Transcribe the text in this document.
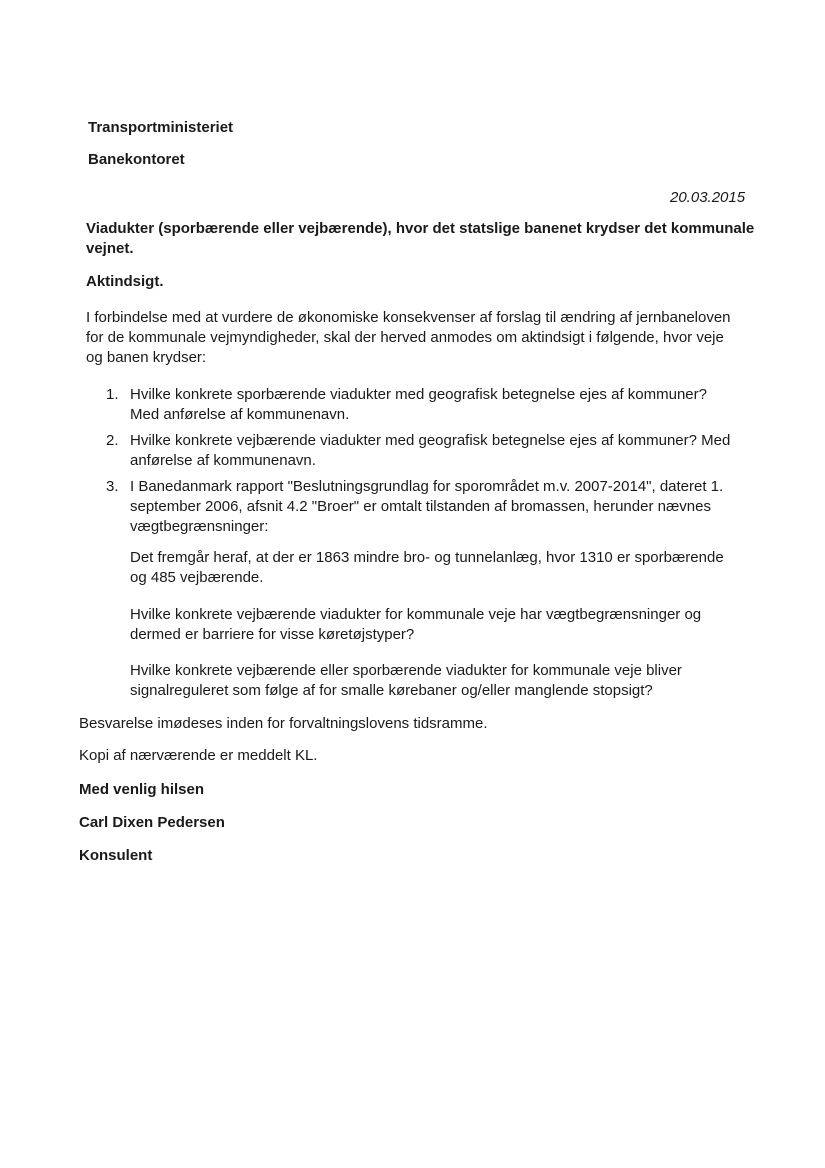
Transportministeriet
Banekontoret
20.03.2015
Viadukter (sporbærende eller vejbærende), hvor det statslige banenet krydser det kommunale
vejnet.
Aktindsigt.
I forbindelse med at vurdere de økonomiske konsekvenser af forslag til ændring af jernbaneloven
for de kommunale vejmyndigheder, skal der herved anmodes om aktindsigt i følgende, hvor veje
og banen krydser:
1. Hvilke konkrete sporbærende viadukter med geografisk betegnelse ejes af kommuner?
Med anførelse af kommunenavn.
2. Hvilke konkrete vejbærende viadukter med geografisk betegnelse ejes af kommuner? Med
anførelse af kommunenavn.
3. I Banedanmark rapport "Beslutningsgrundlag for sporområdet m.v. 2007-2014", dateret 1.
september 2006, afsnit 4.2 "Broer" er omtalt tilstanden af bromassen, herunder nævnes
vægtbegrænsninger:
Det fremgår heraf, at der er 1863 mindre bro- og tunnelanlæg, hvor 1310 er sporbærende
og 485 vejbærende.
Hvilke konkrete vejbærende viadukter for kommunale veje har vægtbegrænsninger og
dermed er barriere for visse køretøjstyper?
Hvilke konkrete vejbærende eller sporbærende viadukter for kommunale veje bliver
signalreguleret som følge af for smalle kørebaner og/eller manglende stopsigt?
Besvarelse imødeses inden for forvaltningslovens tidsramme.
Kopi af nærværende er meddelt KL.
Med venlig hilsen
Carl Dixen Pedersen
Konsulent
